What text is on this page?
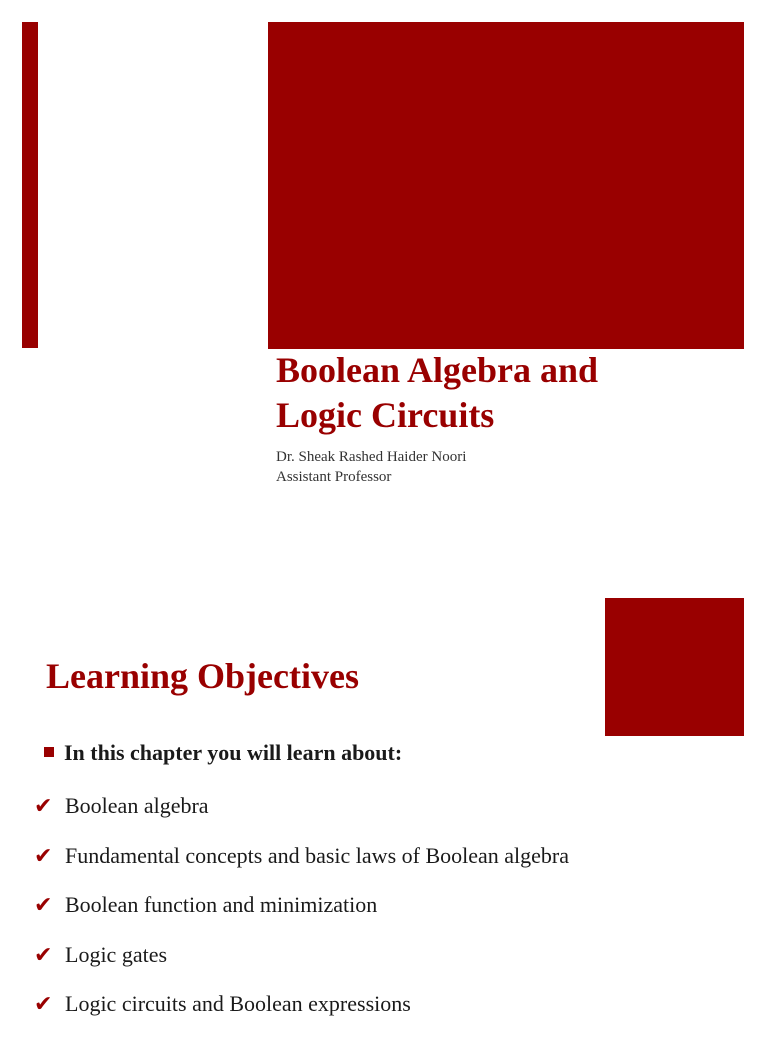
Boolean Algebra and
Logic Circuits
Dr. Sheak Rashed Haider Noori
Assistant Professor
Learning Objectives
In this chapter you will learn about:
✔ Boolean algebra
✔ Fundamental concepts and basic laws of Boolean algebra
✔ Boolean function and minimization
✔ Logic gates
✔ Logic circuits and Boolean expressions
